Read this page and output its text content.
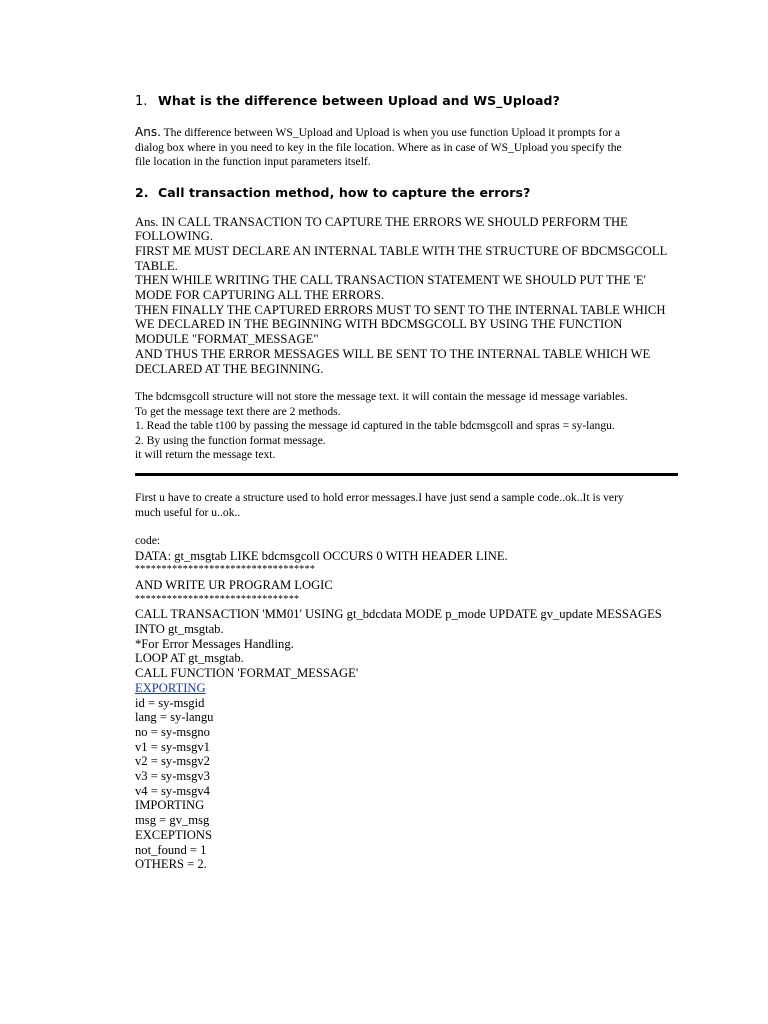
1. What is the difference between Upload and WS_Upload?
Ans. The difference between WS_Upload and Upload is when you use function Upload it prompts for a
dialog box where in you need to key in the file location. Where as in case of WS_Upload you specify the
file location in the function input parameters itself.
2. Call transaction method, how to capture the errors?
Ans. IN CALL TRANSACTION TO CAPTURE THE ERRORS WE SHOULD PERFORM THE
FOLLOWING.
FIRST ME MUST DECLARE AN INTERNAL TABLE WITH THE STRUCTURE OF BDCMSGCOLL
TABLE.
THEN WHILE WRITING THE CALL TRANSACTION STATEMENT WE SHOULD PUT THE 'E'
MODE FOR CAPTURING ALL THE ERRORS.
THEN FINALLY THE CAPTURED ERRORS MUST TO SENT TO THE INTERNAL TABLE WHICH
WE DECLARED IN THE BEGINNING WITH BDCMSGCOLL BY USING THE FUNCTION
MODULE "FORMAT_MESSAGE"
AND THUS THE ERROR MESSAGES WILL BE SENT TO THE INTERNAL TABLE WHICH WE
DECLARED AT THE BEGINNING.
The bdcmsgcoll structure will not store the message text. it will contain the message id message variables.
To get the message text there are 2 methods.
1. Read the table t100 by passing the message id captured in the table bdcmsgcoll and spras = sy-langu.
2. By using the function format message.
it will return the message text.
First u have to create a structure used to hold error messages.I have just send a sample code..ok..It is very
much useful for u..ok..
code:
DATA: gt_msgtab LIKE bdcmsgcoll OCCURS 0 WITH HEADER LINE.
**********************************
AND WRITE UR PROGRAM LOGIC
*******************************
CALL TRANSACTION 'MM01' USING gt_bdcdata MODE p_mode UPDATE gv_update MESSAGES
INTO gt_msgtab.
*For Error Messages Handling.
LOOP AT gt_msgtab.
CALL FUNCTION 'FORMAT_MESSAGE'
EXPORTING
id = sy-msgid
lang = sy-langu
no = sy-msgno
v1 = sy-msgv1
v2 = sy-msgv2
v3 = sy-msgv3
v4 = sy-msgv4
IMPORTING
msg = gv_msg
EXCEPTIONS
not_found = 1
OTHERS = 2.
